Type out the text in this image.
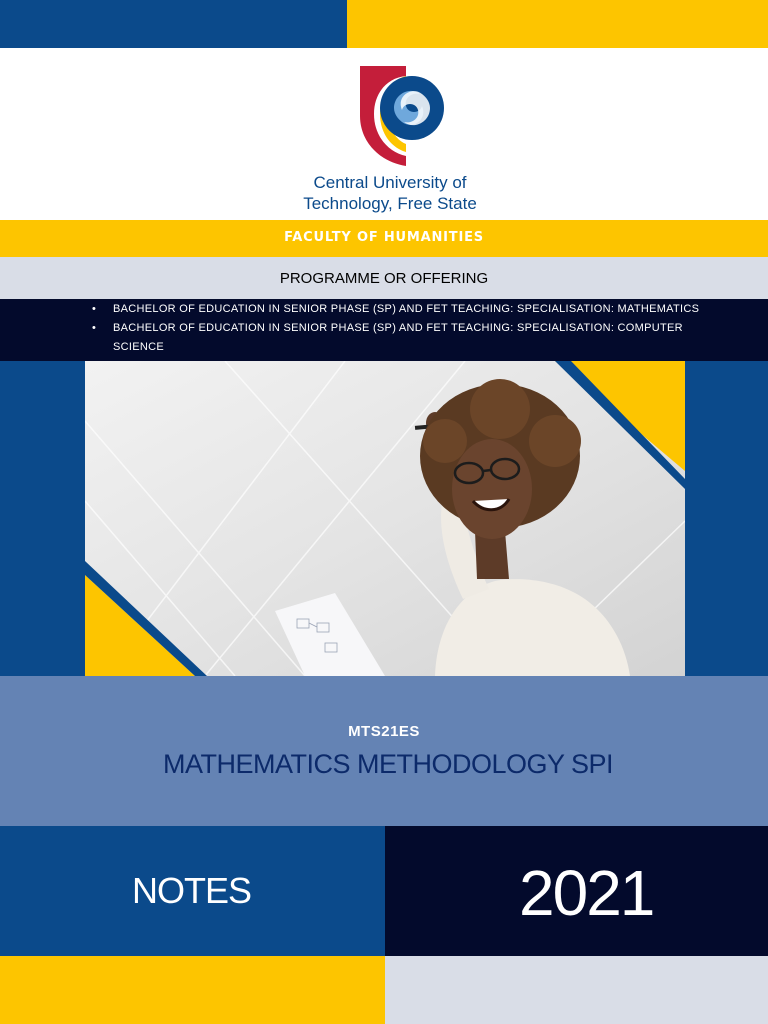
Central University of
Technology, Free State
FACULTY OF HUMANITIES
PROGRAMME OR OFFERING
• BACHELOR OF EDUCATION IN SENIOR PHASE (SP) AND FET TEACHING: SPECIALISATION: MATHEMATICS
• BACHELOR OF EDUCATION IN SENIOR PHASE (SP) AND FET TEACHING: SPECIALISATION: COMPUTER SCIENCE
MTS21ES
MATHEMATICS METHODOLOGY SPI
NOTES	2021
